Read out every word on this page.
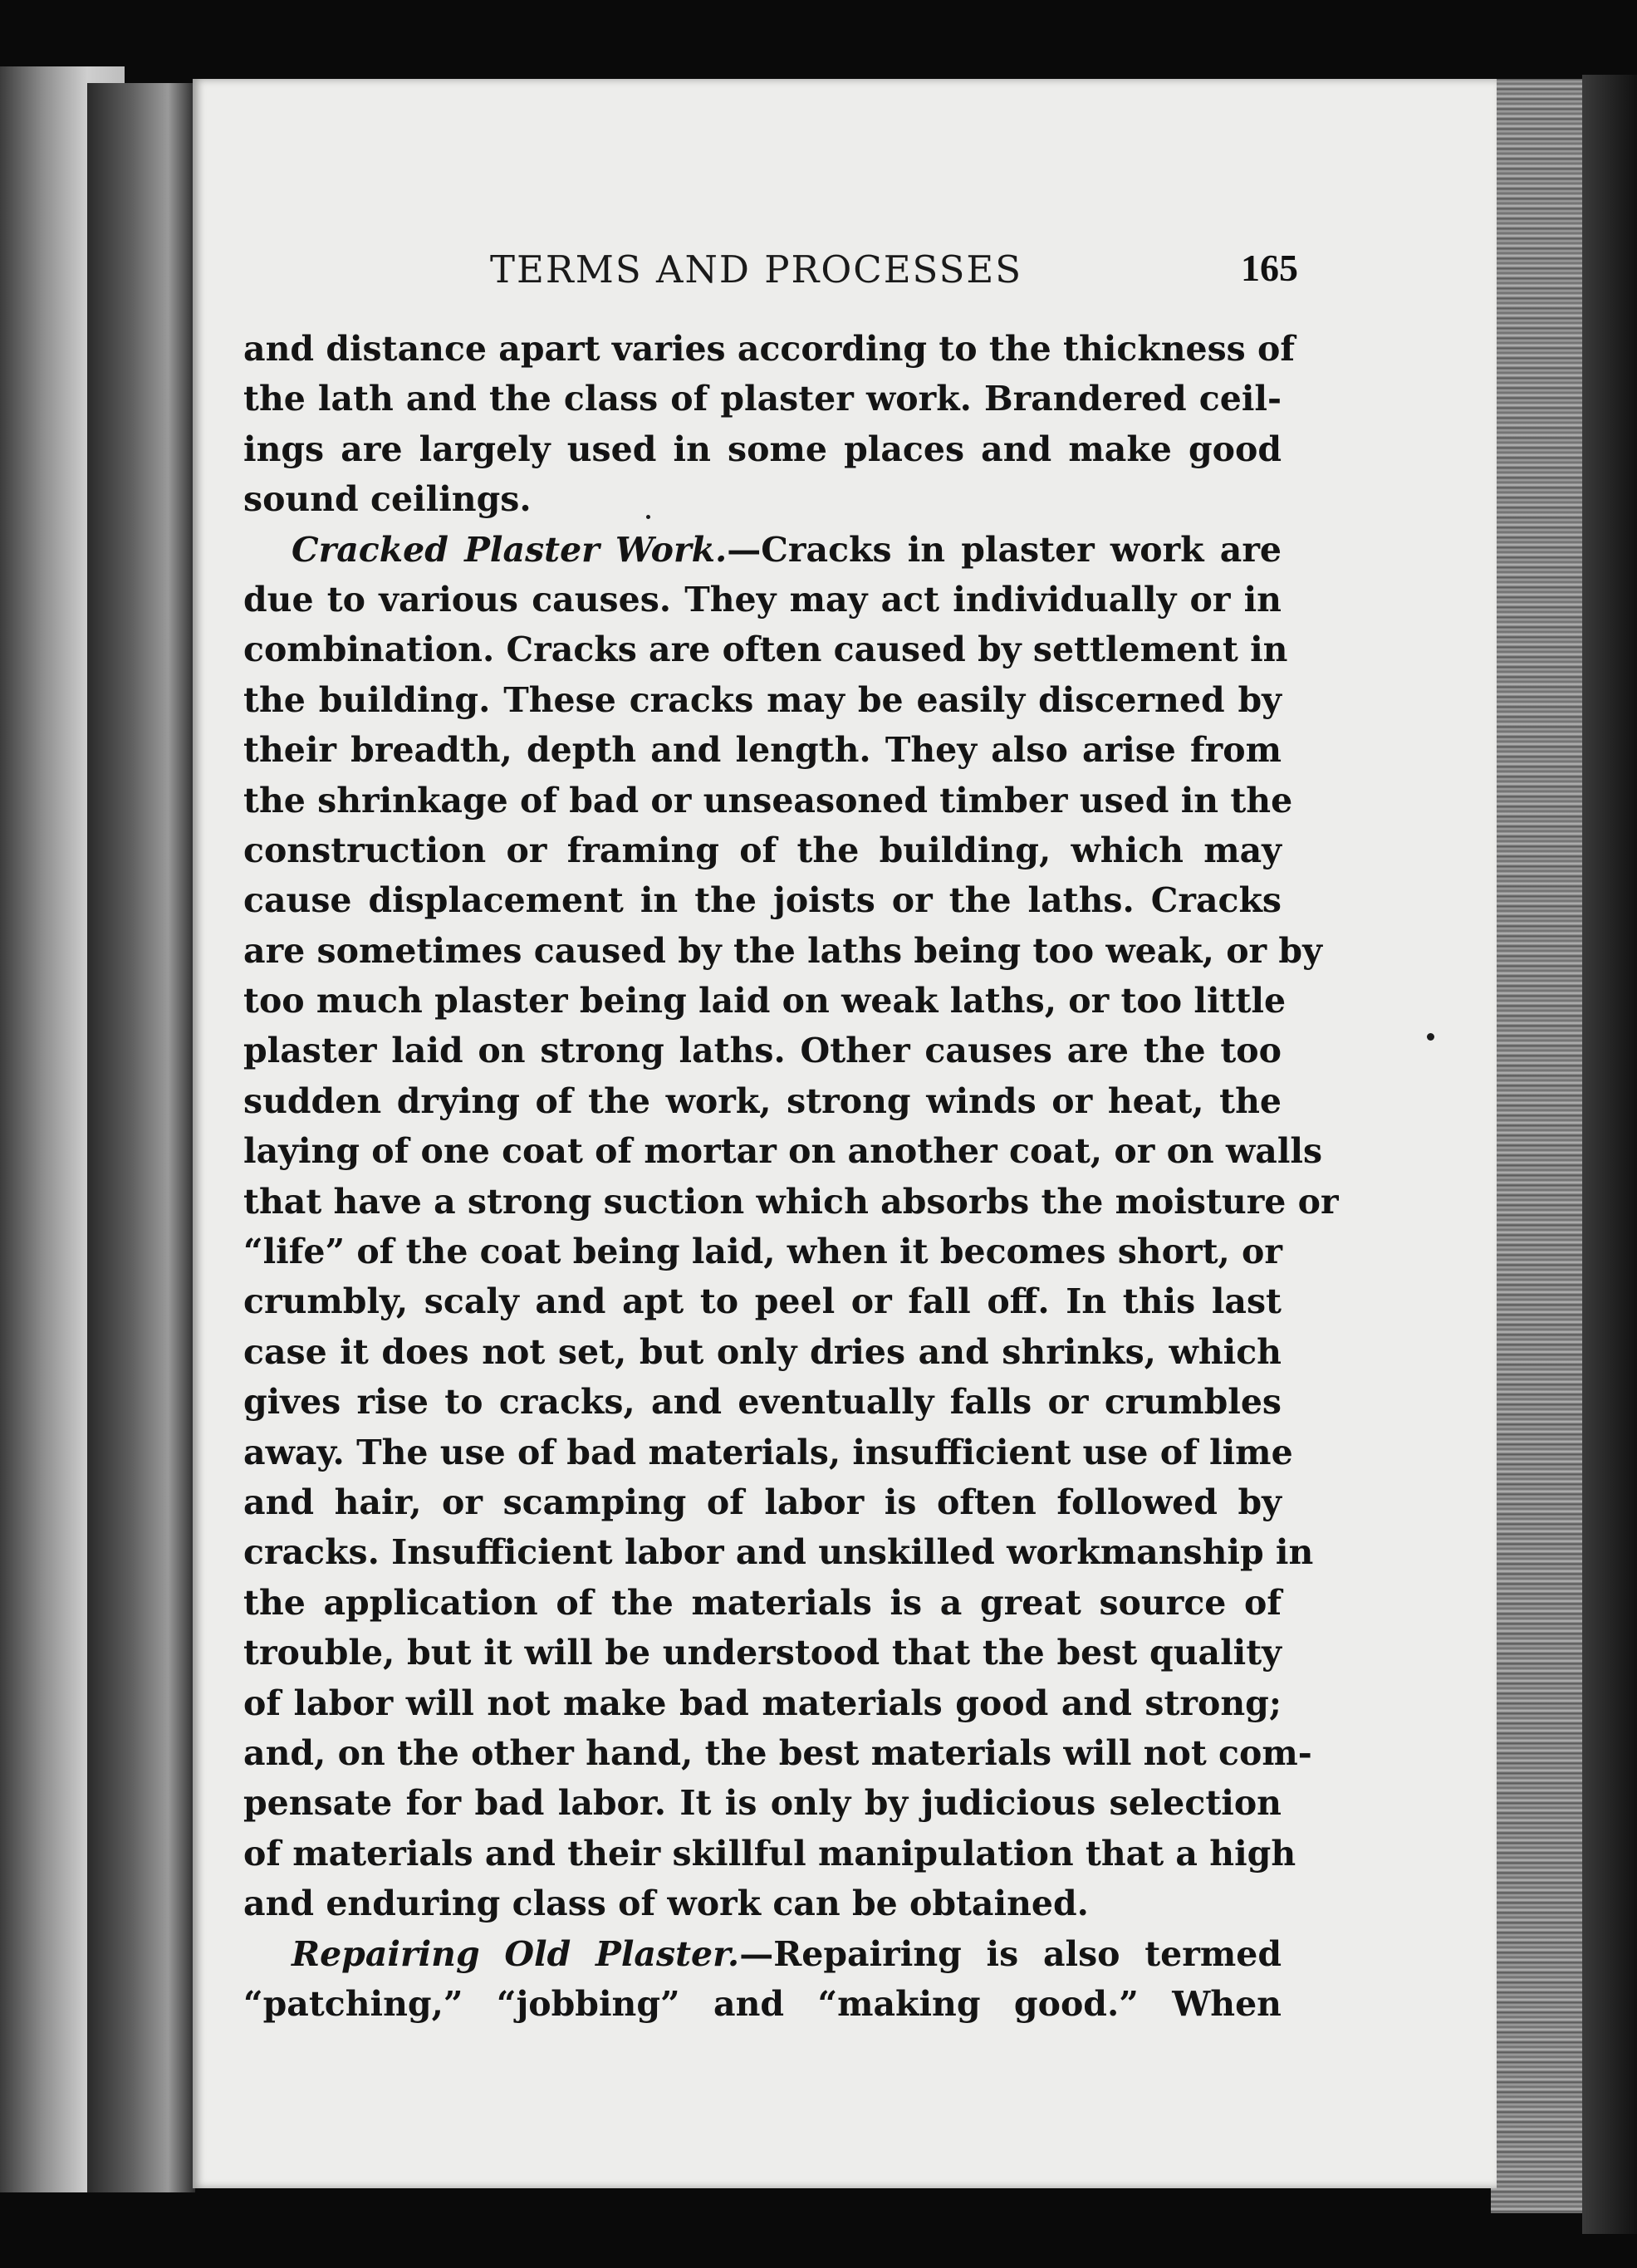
TERMS AND PROCESSES	165
and distance apart varies according to the thickness of
the lath and the class of plaster work. Brandered ceil-
ings are largely used in some places and make good
sound ceilings.
Cracked Plaster Work.—Cracks in plaster work are
due to various causes. They may act individually or in
combination. Cracks are often caused by settlement in
the building. These cracks may be easily discerned by
their breadth, depth and length. They also arise from
the shrinkage of bad or unseasoned timber used in the
construction or framing of the building, which may
cause displacement in the joists or the laths. Cracks
are sometimes caused by the laths being too weak, or by
too much plaster being laid on weak laths, or too little
plaster laid on strong laths. Other causes are the too
sudden drying of the work, strong winds or heat, the
laying of one coat of mortar on another coat, or on walls
that have a strong suction which absorbs the moisture or
“life” of the coat being laid, when it becomes short, or
crumbly, scaly and apt to peel or fall off. In this last
case it does not set, but only dries and shrinks, which
gives rise to cracks, and eventually falls or crumbles
away. The use of bad materials, insufficient use of lime
and hair, or scamping of labor is often followed by
cracks. Insufficient labor and unskilled workmanship in
the application of the materials is a great source of
trouble, but it will be understood that the best quality
of labor will not make bad materials good and strong;
and, on the other hand, the best materials will not com-
pensate for bad labor. It is only by judicious selection
of materials and their skillful manipulation that a high
and enduring class of work can be obtained.
Repairing Old Plaster.—Repairing is also termed
“patching,” “jobbing” and “making good.” When
